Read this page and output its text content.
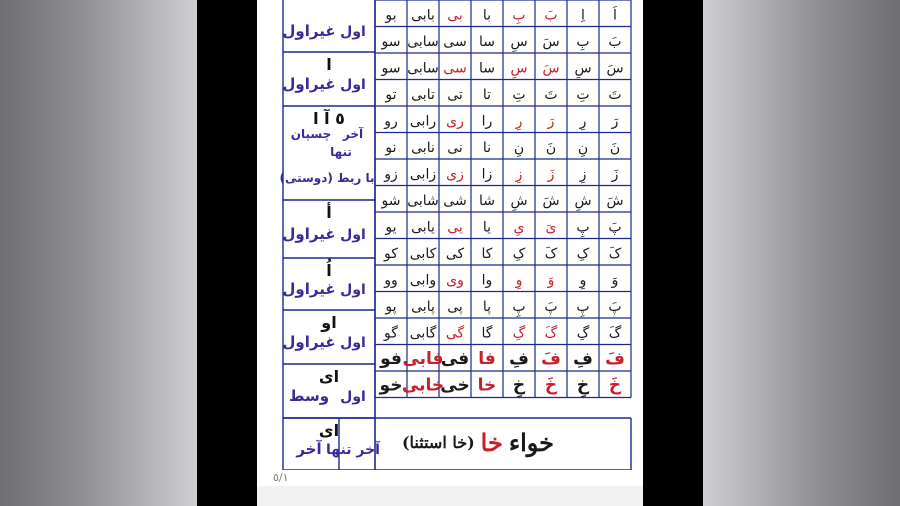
اَ
اِ
بَ
بِ
با
بی
بابی
بو
بَ
بِ
سَ
سِ
سا
سی
سابی
سو
سَ
سِ
سَ
سِ
سا
سی
سابی
سو
تَ
تِ
تَ
تِ
تا
تی
تابی
تو
رَ
رِ
رَ
رِ
را
ری
رابی
رو
نَ
نِ
نَ
نِ
نا
نی
نابی
نو
زَ
زِ
زَ
زِ
زا
زی
زابی
زو
شَ
شِ
شَ
شِ
شا
شی
شابی
شو
پَ
پِ
یَ
یِ
یا
یی
یابی
یو
کَ
کِ
کَ
کِ
کا
کی
کابی
کو
وَ
وِ
وَ
وِ
وا
وی
وابی
وو
پَ
پِ
پَ
پِ
پا
پی
پابی
پو
گَ
گِ
گَ
گِ
گا
گی
گابی
گو
فَ
فِ
فَ
فِ
فا
فی
فابی
فو
خَ
خِ
خَ
خِ
خا
خی
خابی
خو
غیراول اول
ا
غیراول اول
٥ آ ا
چسپان
تنها
آخر
با ربط (دوستی)
أ
غیراول اول
اُ
غیراول اول
او
غیراول اول
ای
وسط اول
ای
آخر آخر تنها	خواء
خا
(خا استثنا)
٥/١
